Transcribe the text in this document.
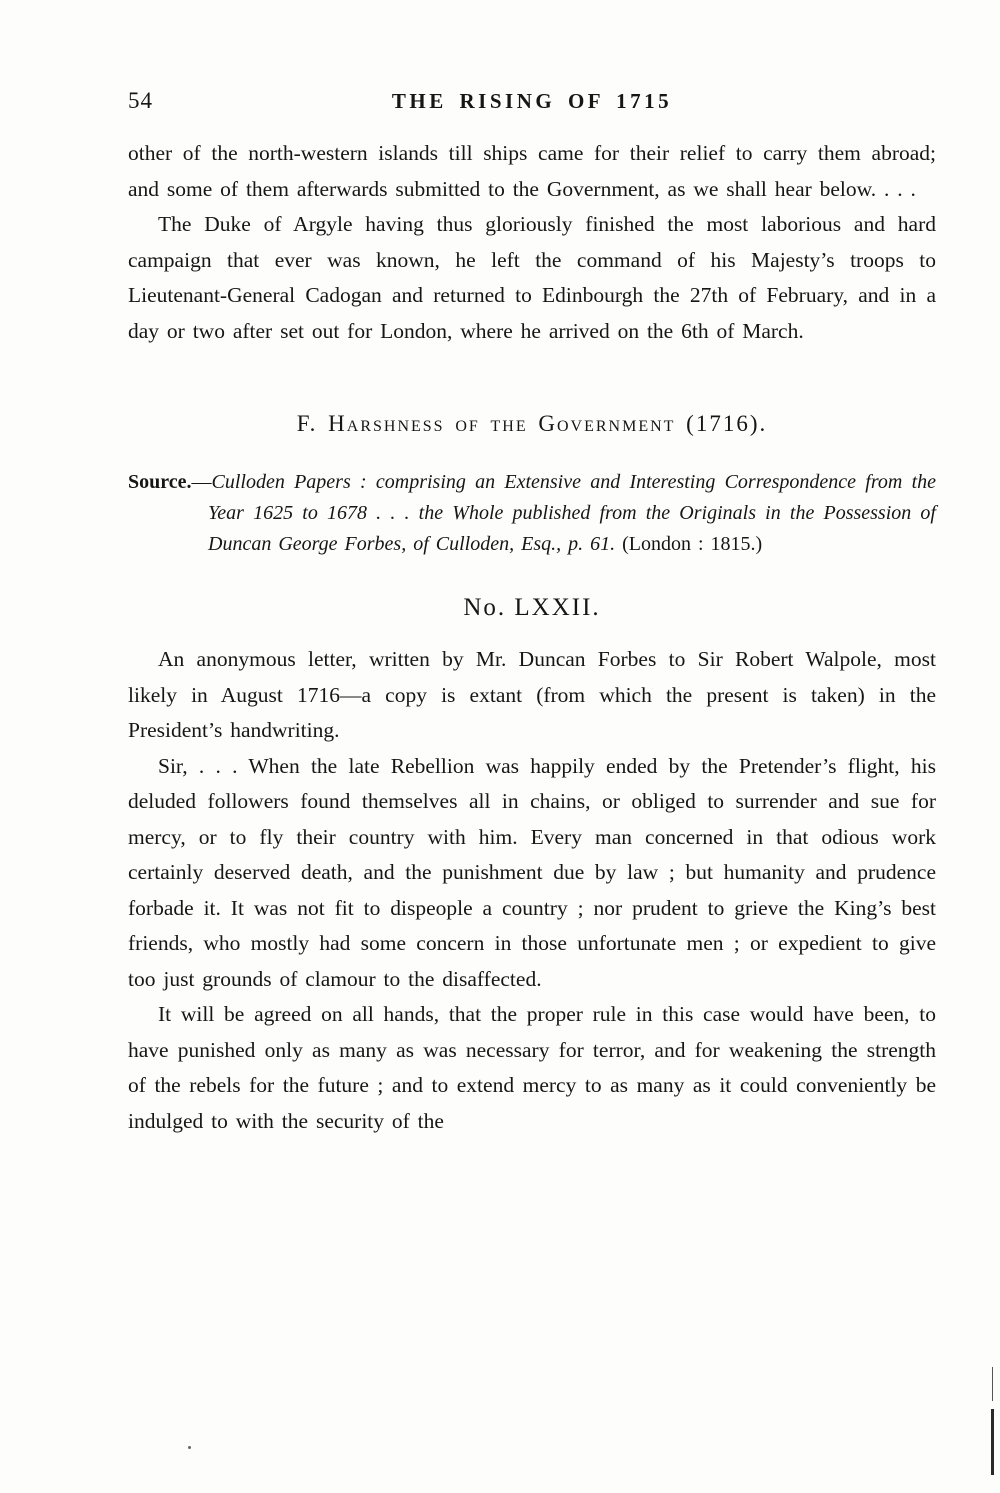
54	THE RISING OF 1715

other of the north-western islands till ships came for their relief to carry them abroad; and some of them afterwards submitted to the Government, as we shall hear below. . . .

The Duke of Argyle having thus gloriously finished the most laborious and hard campaign that ever was known, he left the command of his Majesty’s troops to Lieutenant-General Cadogan and returned to Edinbourgh the 27th of February, and in a day or two after set out for London, where he arrived on the 6th of March.

F. Harshness of the Government (1716).

Source.—Culloden Papers : comprising an Extensive and Interesting Correspondence from the Year 1625 to 1678 . . . the Whole published from the Originals in the Possession of Duncan George Forbes, of Culloden, Esq., p. 61. (London : 1815.)

No. LXXII.

An anonymous letter, written by Mr. Duncan Forbes to Sir Robert Walpole, most likely in August 1716—a copy is extant (from which the present is taken) in the President’s handwriting.

Sir, . . . When the late Rebellion was happily ended by the Pretender’s flight, his deluded followers found themselves all in chains, or obliged to surrender and sue for mercy, or to fly their country with him. Every man concerned in that odious work certainly deserved death, and the punishment due by law ; but humanity and prudence forbade it. It was not fit to dispeople a country ; nor prudent to grieve the King’s best friends, who mostly had some concern in those unfortunate men ; or expedient to give too just grounds of clamour to the disaffected.

It will be agreed on all hands, that the proper rule in this case would have been, to have punished only as many as was necessary for terror, and for weakening the strength of the rebels for the future ; and to extend mercy to as many as it could conveniently be indulged to with the security of the
